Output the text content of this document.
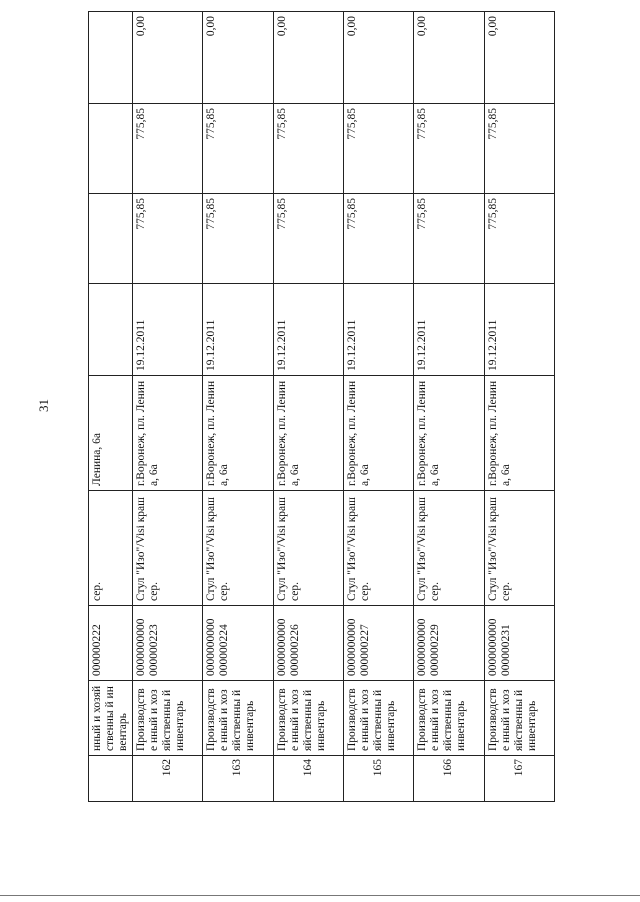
31
	нный и хозяйственны й инвентарь	000000222	сер.	Ленина, 6а				
162	Производстве нный и хозяйственны й инвентарь	0000000000 000000223	Стул "Изо"/Visi краш сер.	г.Воронеж, пл. Ленина, 6а	19.12.2011	775,85	775,85	0,00
163	Производстве нный и хозяйственны й инвентарь	0000000000 000000224	Стул "Изо"/Visi краш сер.	г.Воронеж, пл. Ленина, 6а	19.12.2011	775,85	775,85	0,00
164	Производстве нный и хозяйственны й инвентарь	0000000000 000000226	Стул "Изо"/Visi краш сер.	г.Воронеж, пл. Ленина, 6а	19.12.2011	775,85	775,85	0,00
165	Производстве нный и хозяйственны й инвентарь	0000000000 000000227	Стул "Изо"/Visi краш сер.	г.Воронеж, пл. Ленина, 6а	19.12.2011	775,85	775,85	0,00
166	Производстве нный и хозяйственны й инвентарь	0000000000 000000229	Стул "Изо"/Visi краш сер.	г.Воронеж, пл. Ленина, 6а	19.12.2011	775,85	775,85	0,00
167	Производстве нный и хозяйственны й инвентарь	0000000000 000000231	Стул "Изо"/Visi краш сер.	г.Воронеж, пл. Ленина, 6а	19.12.2011	775,85	775,85	0,00
